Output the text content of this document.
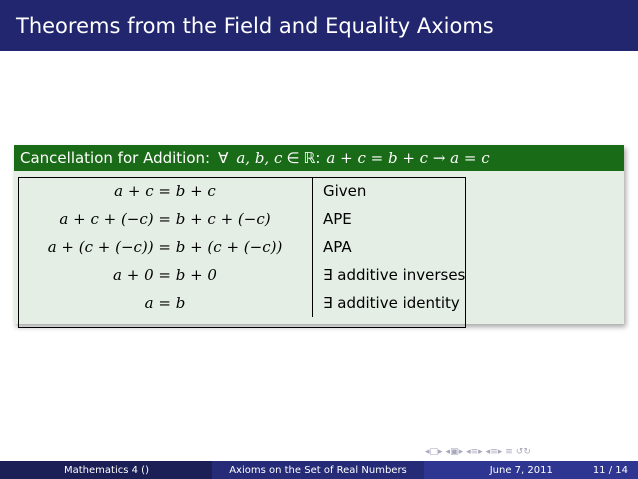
Theorems from the Field and Equality Axioms
Cancellation for Addition: ∀ a, b, c ∈ ℝ : a + c = b + c → a = c
a + c = b + c	Given
a + c + (−c) = b + c + (−c)	APE
a + (c + (−c)) = b + (c + (−c))	APA
a + 0 = b + 0	∃ additive inverses
a = b	∃ additive identity
◂□▸ ◂▣▸ ◂≡▸ ◂≡▸ ≡ ↺↻
Mathematics 4 ()	Axioms on the Set of Real Numbers	June 7, 2011	11 / 14
